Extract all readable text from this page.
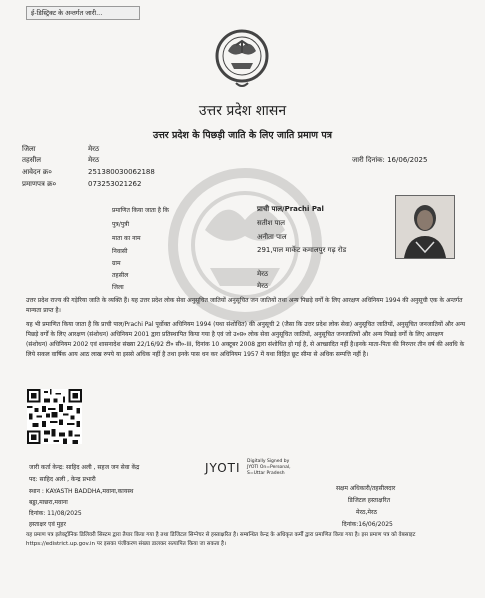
ई-डिस्ट्रिक्ट के अन्तर्गत जारी...
उत्तर प्रदेश शासन
उत्तर प्रदेश के पिछड़ी जाति के लिए जाति प्रमाण पत्र
जिला	मेरठ
तहसील	मेरठ	जारी दिनांक: 16/06/2025
आवेदन क्र०	251380030062188
प्रमाणपत्र क्र०	073253021262
प्रमाणित किया जाता है कि	प्राची पाल/Prachi Pal
पुत्र/पुत्री	सतीश पाल
माता का नाम	अनीता पाल
निवासी	291,पाल मार्केट कमालपुर गढ़ रोड
ग्राम
तहसील	मेरठ
जिला	मेरठ
उत्तर प्रदेश राज्य की गड़ेरिया जाति के व्यक्ति हैं। यह उत्तर प्रदेश लोक सेवा अनुसूचित जातियों अनुसूचित जन जातियों तथा अन्य पिछड़े वर्गों के लिए आरक्षण अधिनियम 1994 की अनुसूची एक के अन्तर्गत मान्यता प्राप्त है।
यह भी प्रमाणित किया जाता है कि प्राची पाल/Prachi Pal पूर्वोक्त अधिनियम 1994 (यथा संशोधित) की अनुसूची 2 (जैसा कि उत्तर प्रदेश लोक सेवा) अनुसूचित जातियों, अनुसूचित जनजातियों और अन्य पिछड़े वर्गों के लिए आरक्षण (संशोधन) अधिनियम 2001 द्वारा प्रतिस्थापित किया गया है एवं जो उ०प्र० लोक सेवा अनुसूचित जातियों, अनुसूचित जनजातियों और अन्य पिछड़े वर्गों के लिए आरक्षण (संशोधन) अधिनियम 2002 एवं शासनादेश संख्या 22/16/92 टी० सी०-III, दिनांक 10 अक्टूबर 2008 द्वारा संशोधित हो गई है, से आच्छादित नहीं है।इनके माता-पिता की निरन्तर तीन वर्ष की अवधि के लिये सकल वार्षिक आय आठ लाख रुपये या इससे अधिक नहीं है तथा इनके पास धन कर अधिनियम 1957 में यथा विहित छूट सीमा से अधिक सम्पत्ति नहीं है।
जारी कर्ता केन्द्र: साहिद अली , सहज जन सेवा केंद्र
पद: साहिद अली , केन्द्र प्रभारी
स्थान : KAYASTH BADDHA,मवाना,कायस्थ
बड्ढा,माछरा,मवाना
दिनांक: 11/08/2025
हस्ताक्षर एवं मुहर
JYOTI Digitally Signed by
JYOTI On=Personal,
S=Uttar Pradesh
सक्षम अधिकारी/तहसीलदार
डिजिटल हस्ताक्षरित
मेरठ,मेरठ
दिनांक:16/06/2025
यह प्रमाण पत्र इलेक्ट्रॉनिक डिलिवरी सिस्टम द्वारा तैयार किया गया है तथा डिजिटल सिग्नेचर से हस्ताक्षरित है। सम्बन्धित केन्द्र के अधिकृत कर्मी द्वारा प्रमाणित किया गया है। इस प्रमाण पत्र को वेबसाइट https://edistrict.up.gov.in पर इसका पंजीकरण संख्या डालकर सत्यापित किया जा सकता है।
